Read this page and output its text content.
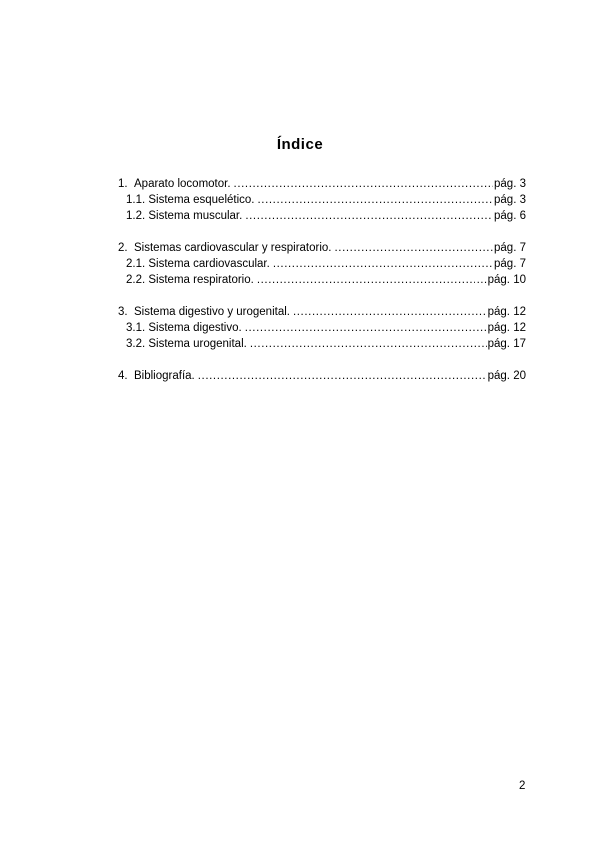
Índice
1. Aparato locomotor. .....	pág. 3
1.1. Sistema esquelético. .....	pág. 3
1.2. Sistema muscular. .....	pág. 6
2. Sistemas cardiovascular y respiratorio. .....	pág. 7
2.1. Sistema cardiovascular. .....	pág. 7
2.2. Sistema respiratorio. .....	…pág. 10
3. Sistema digestivo y urogenital. .....	pág. 12
3.1. Sistema digestivo. .....	pág. 12
3.2. Sistema urogenital. .....	pág. 17
4. Bibliografía. .....	pág. 20
2
